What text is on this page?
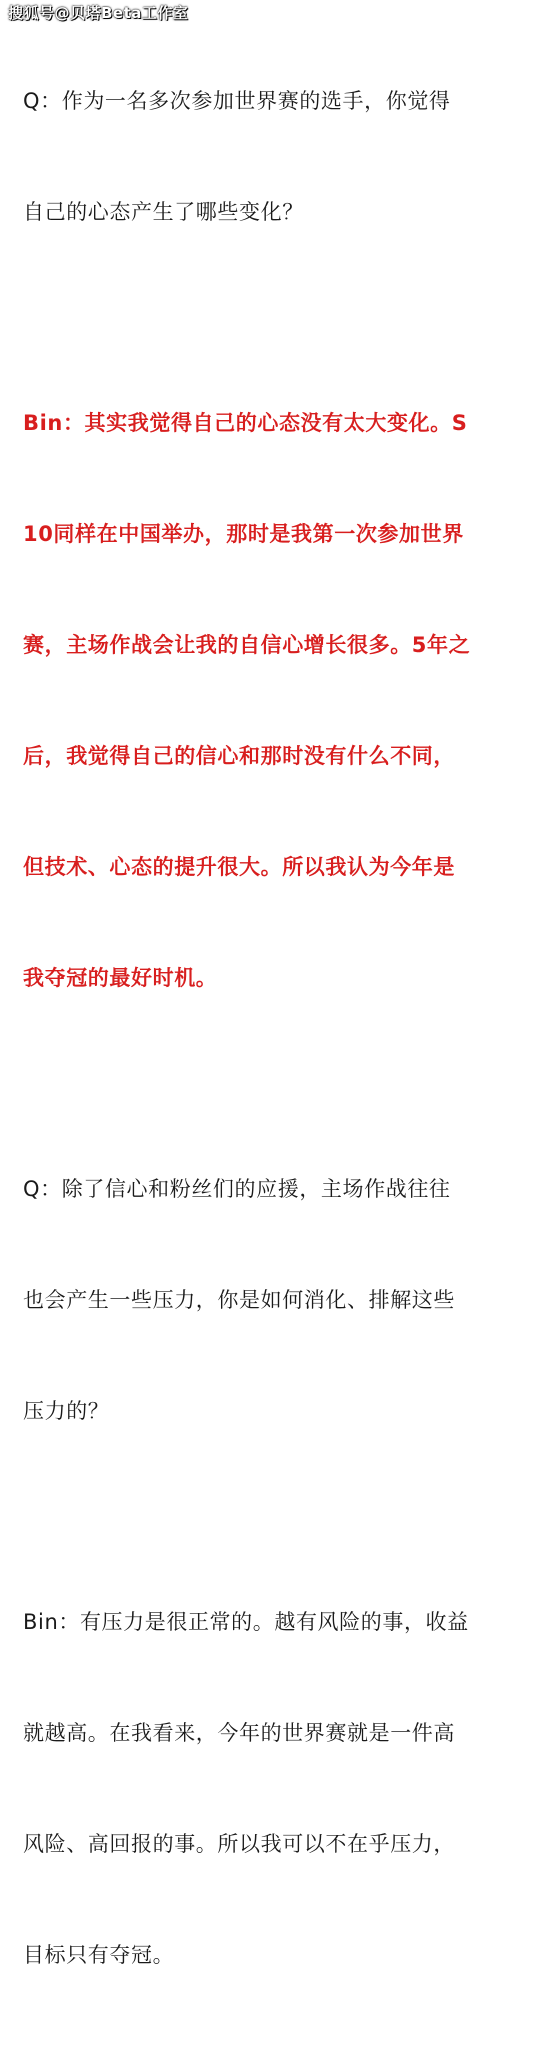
搜狐号@贝塔Beta工作室

Q：作为一名多次参加世界赛的选手，你觉得

自己的心态产生了哪些变化？

Bin：其实我觉得自己的心态没有太大变化。S

10同样在中国举办，那时是我第一次参加世界

赛，主场作战会让我的自信心增长很多。5年之

后，我觉得自己的信心和那时没有什么不同，

但技术、心态的提升很大。所以我认为今年是

我夺冠的最好时机。

Q：除了信心和粉丝们的应援，主场作战往往

也会产生一些压力，你是如何消化、排解这些

压力的？

Bin：有压力是很正常的。越有风险的事，收益

就越高。在我看来，今年的世界赛就是一件高

风险、高回报的事。所以我可以不在乎压力，

目标只有夺冠。
